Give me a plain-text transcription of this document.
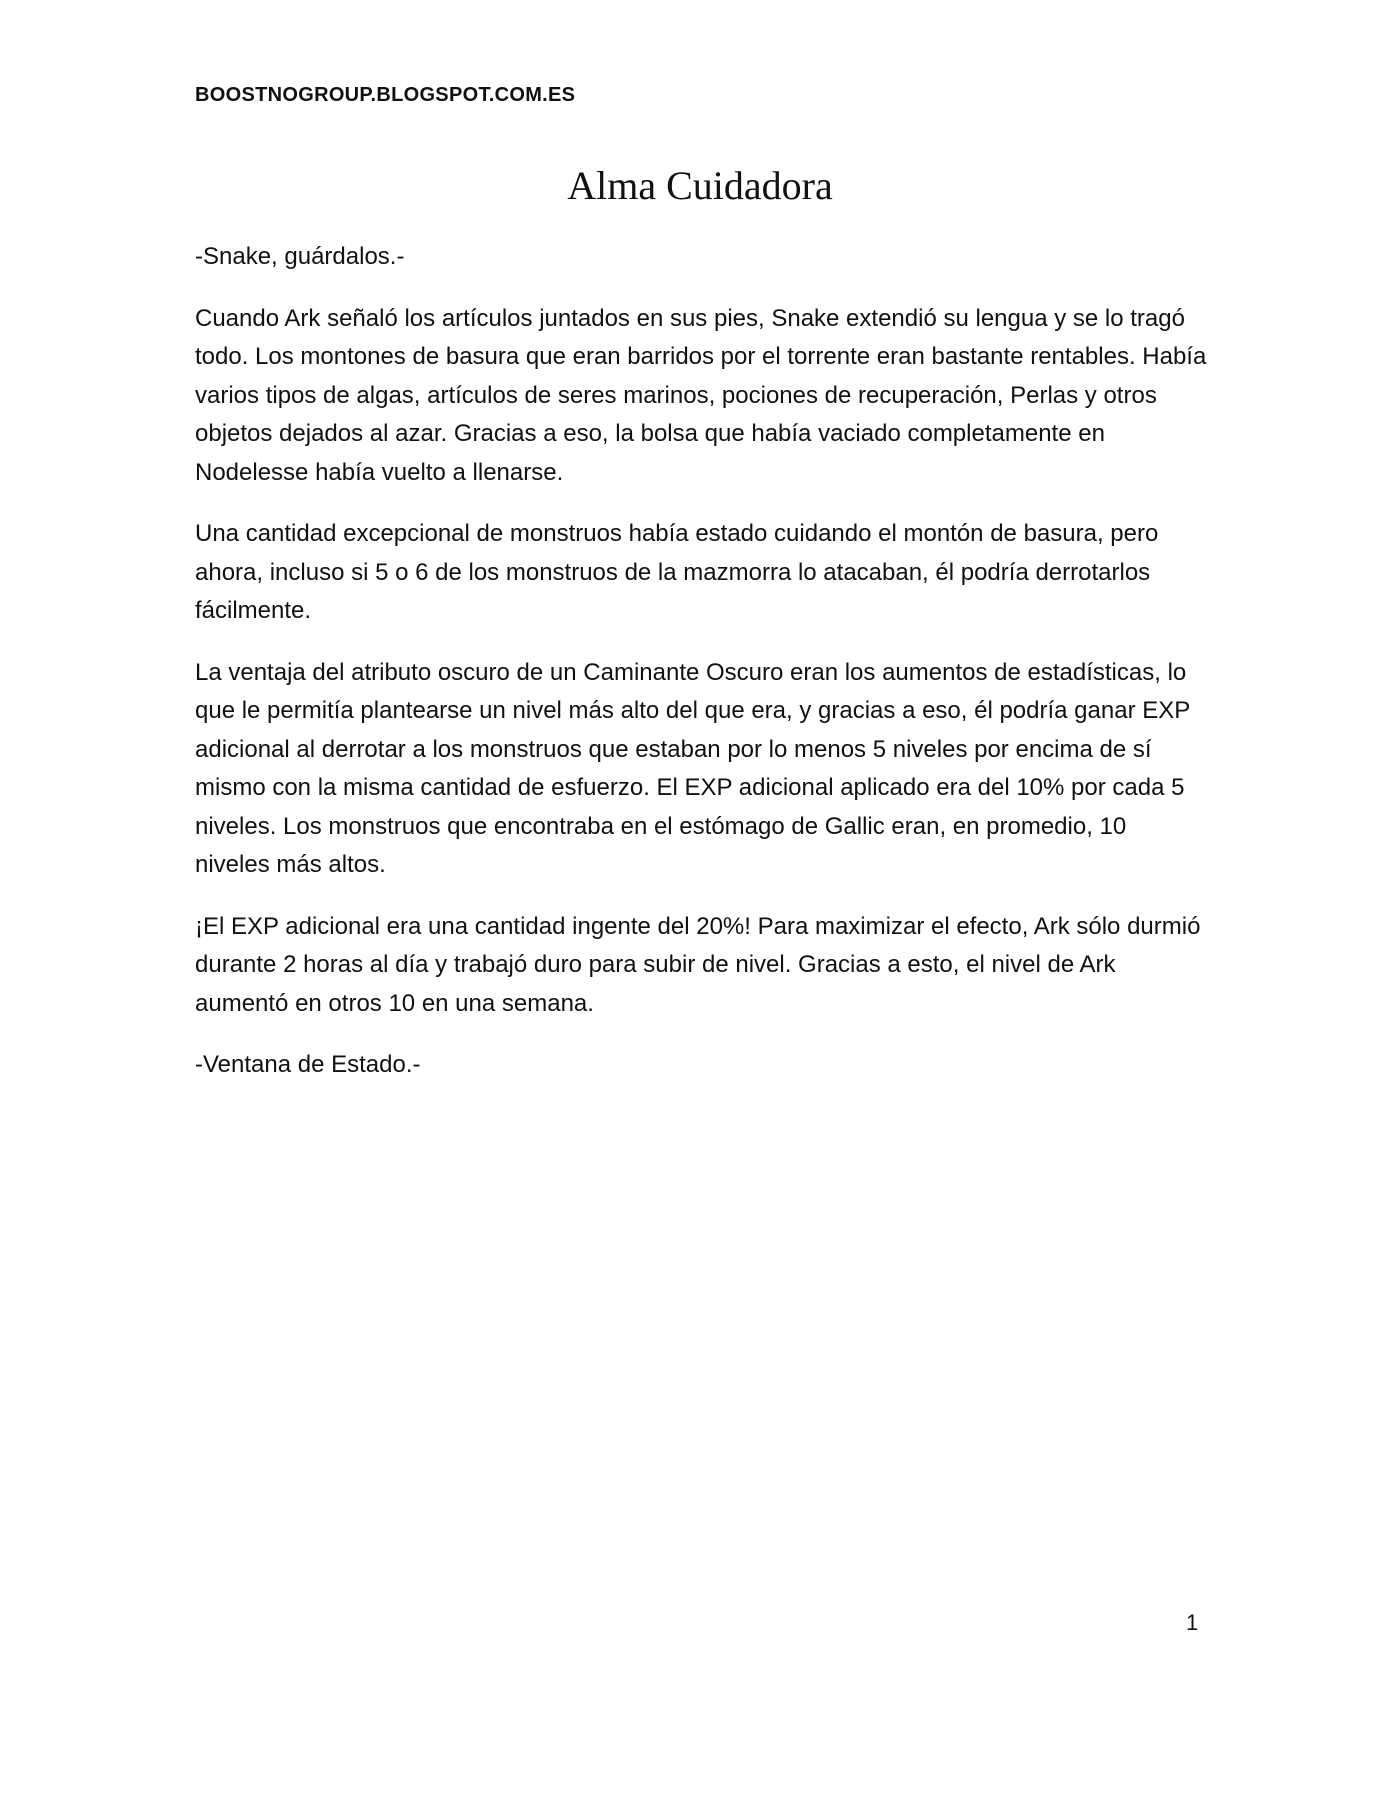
BOOSTNOGROUP.BLOGSPOT.COM.ES
Alma Cuidadora

-Snake, guárdalos.-

Cuando Ark señaló los artículos juntados en sus pies, Snake extendió su lengua y se lo tragó todo. Los montones de basura que eran barridos por el torrente eran bastante rentables. Había varios tipos de algas, artículos de seres marinos, pociones de recuperación, Perlas y otros objetos dejados al azar. Gracias a eso, la bolsa que había vaciado completamente en Nodelesse había vuelto a llenarse.

Una cantidad excepcional de monstruos había estado cuidando el montón de basura, pero ahora, incluso si 5 o 6 de los monstruos de la mazmorra lo atacaban, él podría derrotarlos fácilmente.

La ventaja del atributo oscuro de un Caminante Oscuro eran los aumentos de estadísticas, lo que le permitía plantearse un nivel más alto del que era, y gracias a eso, él podría ganar EXP adicional al derrotar a los monstruos que estaban por lo menos 5 niveles por encima de sí mismo con la misma cantidad de esfuerzo. El EXP adicional aplicado era del 10% por cada 5 niveles. Los monstruos que encontraba en el estómago de Gallic eran, en promedio, 10 niveles más altos.

¡El EXP adicional era una cantidad ingente del 20%! Para maximizar el efecto, Ark sólo durmió durante 2 horas al día y trabajó duro para subir de nivel. Gracias a esto, el nivel de Ark aumentó en otros 10 en una semana.

-Ventana de Estado.-

1
